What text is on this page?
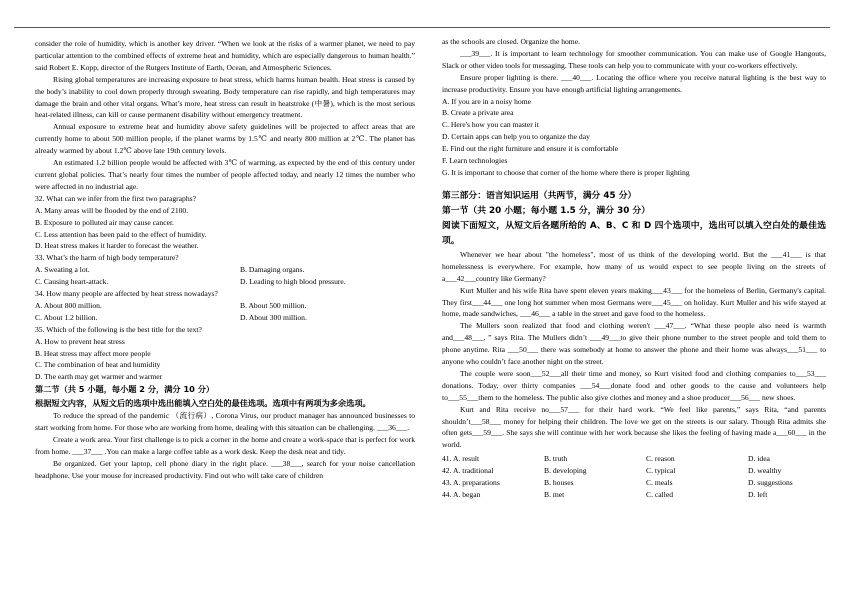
consider the role of humidity, which is another key driver. “When we look at the risks of a warmer planet, we need to pay particular attention to the combined effects of extreme heat and humidity, which are especially dangerous to human health.” said Robert E. Kopp, director of the Rutgers Institute of Earth, Ocean, and Atmospheric Sciences.

Rising global temperatures are increasing exposure to heat stress, which harms human health. Heat stress is caused by the body’s inability to cool down properly through sweating. Body temperature can rise rapidly, and high temperatures may damage the brain and other vital organs. What’s more, heat stress can result in heatstroke (中暑), which is the most serious heat-related illness, can kill or cause permanent disability without emergency treatment.

Annual exposure to extreme heat and humidity above safety guidelines will be projected to affect areas that are currently home to about 500 million people, if the planet warms by 1.5℃ and nearly 800 million at 2℃. The planet has already warmed by about 1.2℃ above late 19th century levels.

An estimated 1.2 billion people would be affected with 3℃ of warming, as expected by the end of this century under current global policies. That’s nearly four times the number of people affected today, and nearly 12 times the number who were affected in no industrial age.

32. What can we infer from the first two paragraphs?

A. Many areas will be flooded by the end of 2100.

B. Exposure to polluted air may cause cancer.

C. Less attention has been paid to the effect of humidity.

D. Heat stress makes it harder to forecast the weather.

33. What’s the harm of high body temperature?

A. Sweating a lot.	B. Damaging organs.
C. Causing heart-attack.	D. Leading to high blood pressure.

34. How many people are affected by heat stress nowadays?

A. About 800 million.	B. About 500 million.
C. About 1.2 billion.	D. About 300 million.

35. Which of the following is the best title for the text?

A. How to prevent heat stress

B. Heat stress may affect more people

C. The combination of heat and humidity

D. The earth may get warmer and warmer

第二节（共 5 小题，每小题 2 分，满分 10 分）

根据短文内容，从短文后的选项中选出能填入空白处的最佳选项。选项中有两项为多余选项。

To reduce the spread of the pandemic （流行病）, Corona Virus, our product manager has announced businesses to start working from home. For those who are working from home, dealing with this situation can be challenging. ___36___.

Create a work area. Your first challenge is to pick a corner in the home and create a work-space that is perfect for work from home. ___37___ .You can make a large coffee table as a work desk. Keep the desk neat and tidy.

Be organized. Get your laptop, cell phone diary in the right place. ___38___, search for your noise cancellation headphone. Use your mouse for increased productivity. Find out who will take care of children

as the schools are closed. Organize the home.

___39___. It is important to learn technology for smoother communication. You can make use of Google Hangouts, Slack or other video tools for messaging. These tools can help you to communicate with your co-workers effectively.

Ensure proper lighting is there. ___40___. Locating the office where you receive natural lighting is the best way to increase productivity. Ensure you have enough artificial lighting arrangements.

A. If you are in a noisy home

B. Create a private area

C. Here's how you can master it

D. Certain apps can help you to organize the day

E. Find out the right furniture and ensure it is comfortable

F. Learn technologies

G. It is important to choose that corner of the home where there is proper lighting

第三部分：语言知识运用（共两节，满分 45 分）

第一节（共 20 小题；每小题 1.5 分，满分 30 分）

阅读下面短文，从短文后各题所给的 A、B、C 和 D 四个选项中，选出可以填入空白处的最佳选项。

Whenever we hear about "the homeless", most of us think of the developing world. But the ___41___ is that homelessness is everywhere. For example, how many of us would expect to see people living on the streets of a___42___country like Germany?

Kurt Muller and his wife Rita have spent eleven years making___43___ for the homeless of Berlin, Germany's capital. They first___44___ one long hot summer when most Germans were___45___ on holiday. Kurt Muller and his wife stayed at home, made sandwiches, ___46___ a table in the street and gave food to the homeless.

The Mullers soon realized that food and clothing weren't ___47___. “What these people also need is warmth and___48___, ” says Rita. The Mullers didn’t ___49___to give their phone number to the street people and told them to phone anytime. Rita ___50___ there was somebody at home to answer the phone and their home was always___51___ to anyone who couldn’t face another night on the street.

The couple were soon___52___all their time and money, so Kurt visited food and clothing companies to___53___ donations. Today, over thirty companies ___54___donate food and other goods to the cause and volunteers help to___55___them to the homeless. The public also give clothes and money and a shoe producer___56___ new shoes.

Kurt and Rita receive no___57___ for their hard work. “We feel like parents,” says Rita, “and parents shouldn’t___58___ money for helping their children. The love we get on the streets is our salary. Though Rita admits she often gets___59___. She says she will continue with her work because she likes the feeling of having made a___60___ in the world.

41. A. result	B. truth	C. reason	D. idea
42. A. traditional	B. developing	C. typical	D. wealthy
43. A. preparations	B. houses	C. meals	D. suggestions
44. A. began	B. met	C. called	D. left
